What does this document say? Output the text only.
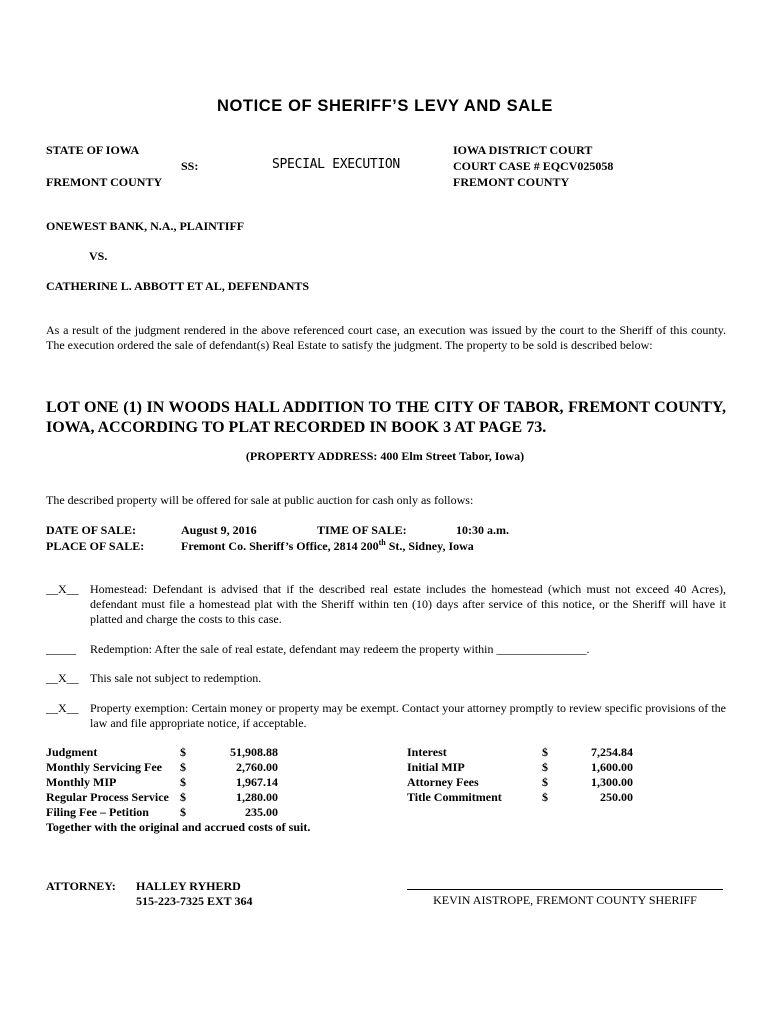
NOTICE OF SHERIFF’S LEVY AND SALE
STATE OF IOWA
SS:
FREMONT COUNTY
SPECIAL EXECUTION
IOWA DISTRICT COURT
COURT CASE # EQCV025058
FREMONT COUNTY
ONEWEST BANK, N.A., PLAINTIFF
VS.
CATHERINE L. ABBOTT ET AL, DEFENDANTS
As a result of the judgment rendered in the above referenced court case, an execution was issued by the court to the Sheriff of this county. The execution ordered the sale of defendant(s) Real Estate to satisfy the judgment. The property to be sold is described below:
LOT ONE (1) IN WOODS HALL ADDITION TO THE CITY OF TABOR, FREMONT COUNTY, IOWA, ACCORDING TO PLAT RECORDED IN BOOK 3 AT PAGE 73.
(PROPERTY ADDRESS: 400 Elm Street Tabor, Iowa)
The described property will be offered for sale at public auction for cash only as follows:
DATE OF SALE:	August 9, 2016	TIME OF SALE:	10:30 a.m.
PLACE OF SALE:	Fremont Co. Sheriff’s Office, 2814 200th St., Sidney, Iowa
__X__ Homestead: Defendant is advised that if the described real estate includes the homestead (which must not exceed 40 Acres), defendant must file a homestead plat with the Sheriff within ten (10) days after service of this notice, or the Sheriff will have it platted and charge the costs to this case.
_____ Redemption: After the sale of real estate, defendant may redeem the property within _______________.
__X__ This sale not subject to redemption.
__X__ Property exemption: Certain money or property may be exempt. Contact your attorney promptly to review specific provisions of the law and file appropriate notice, if acceptable.
Judgment	$	51,908.88
Monthly Servicing Fee $	2,760.00
Monthly MIP	$	1,967.14
Regular Process Service $	1,280.00
Filing Fee – Petition	$	235.00
Interest	$	7,254.84
Initial MIP	$	1,600.00
Attorney Fees	$	1,300.00
Title Commitment	$	250.00
Together with the original and accrued costs of suit.
ATTORNEY: HALLEY RYHERD
515-223-7325 EXT 364	KEVIN AISTROPE, FREMONT COUNTY SHERIFF
